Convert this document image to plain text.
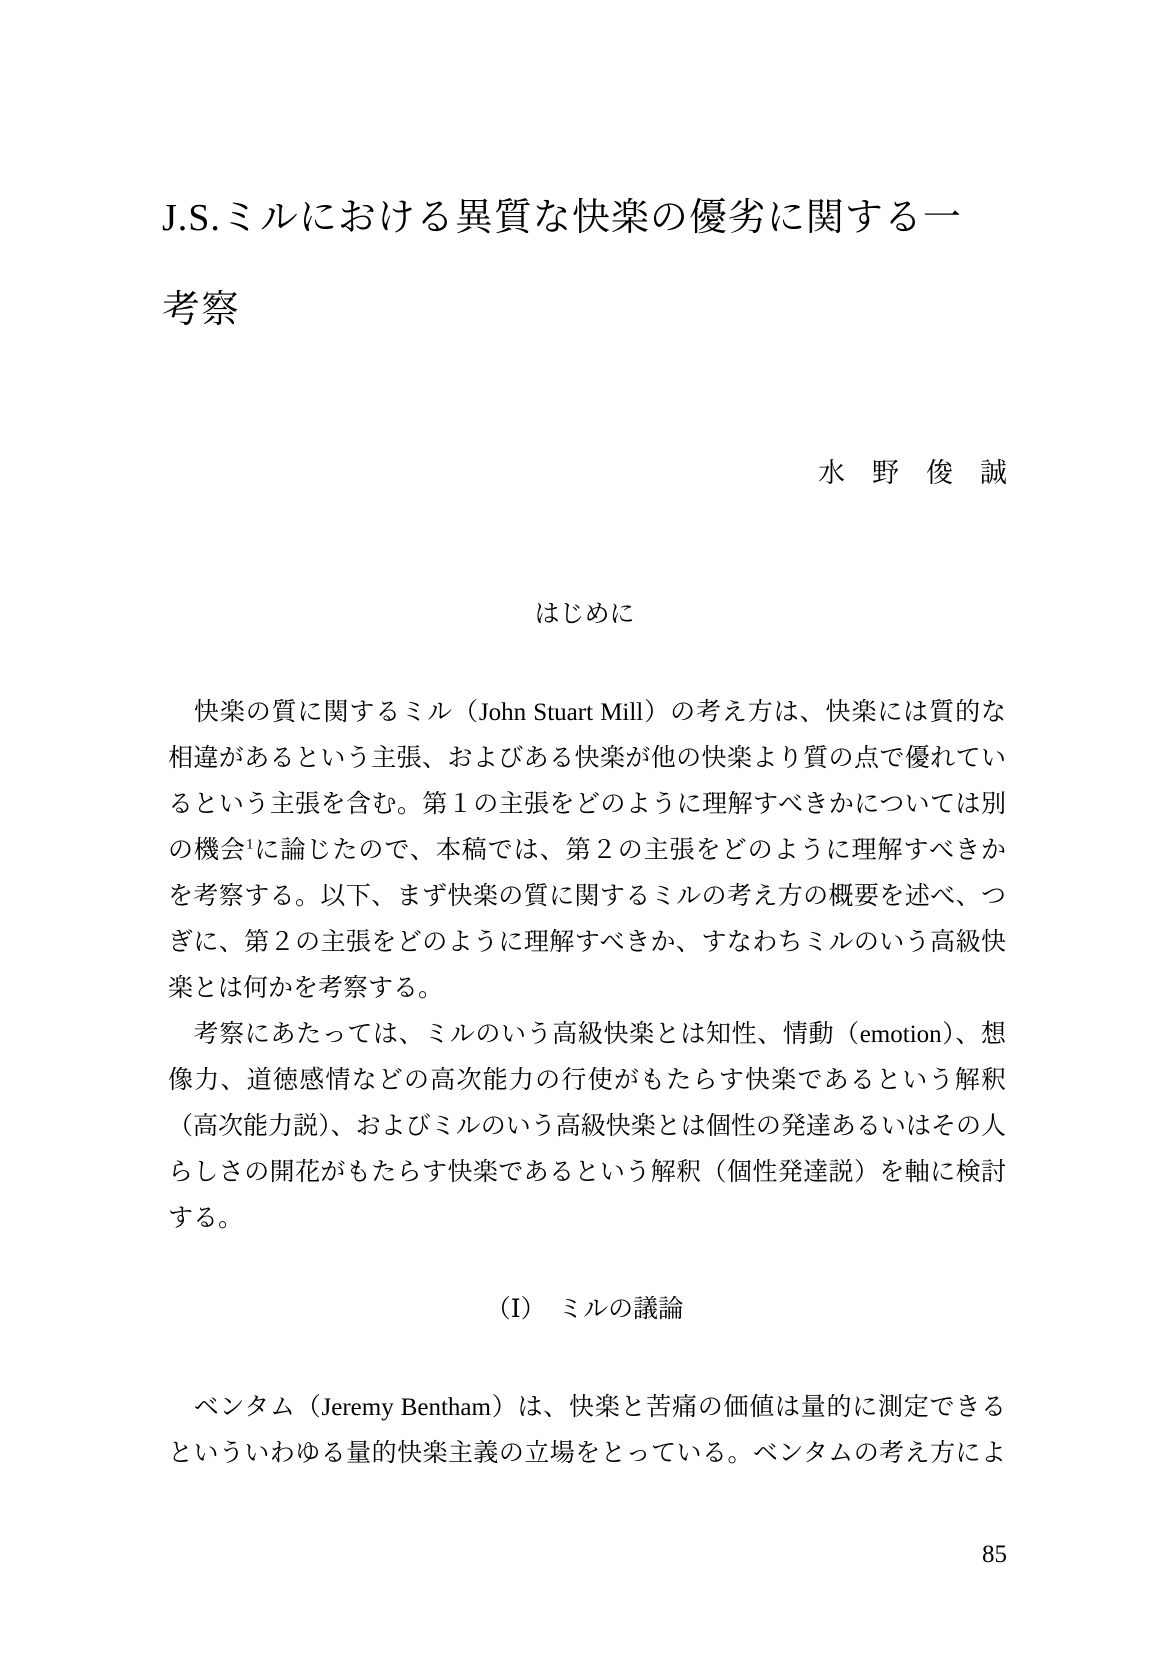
J.S.ミルにおける異質な快楽の優劣に関する一
考察
水　野　俊　誠
はじめに
　快楽の質に関するミル（John Stuart Mill）の考え方は、快楽には質的な
相違があるという主張、およびある快楽が他の快楽より質の点で優れてい
るという主張を含む。第１の主張をどのように理解すべきかについては別
の機会$^1$に論じたので、本稿では、第２の主張をどのように理解すべきか
を考察する。以下、まず快楽の質に関するミルの考え方の概要を述べ、つ
ぎに、第２の主張をどのように理解すべきか、すなわちミルのいう高級快
楽とは何かを考察する。
　考察にあたっては、ミルのいう高級快楽とは知性、情動（emotion）、想
像力、道徳感情などの高次能力の行使がもたらす快楽であるという解釈
（高次能力説）、およびミルのいう高級快楽とは個性の発達あるいはその人
らしさの開花がもたらす快楽であるという解釈（個性発達説）を軸に検討
する。
（Ⅰ）　ミルの議論
　ベンタム（Jeremy Bentham）は、快楽と苦痛の価値は量的に測定できる
といういわゆる量的快楽主義の立場をとっている。ベンタムの考え方によ
85
